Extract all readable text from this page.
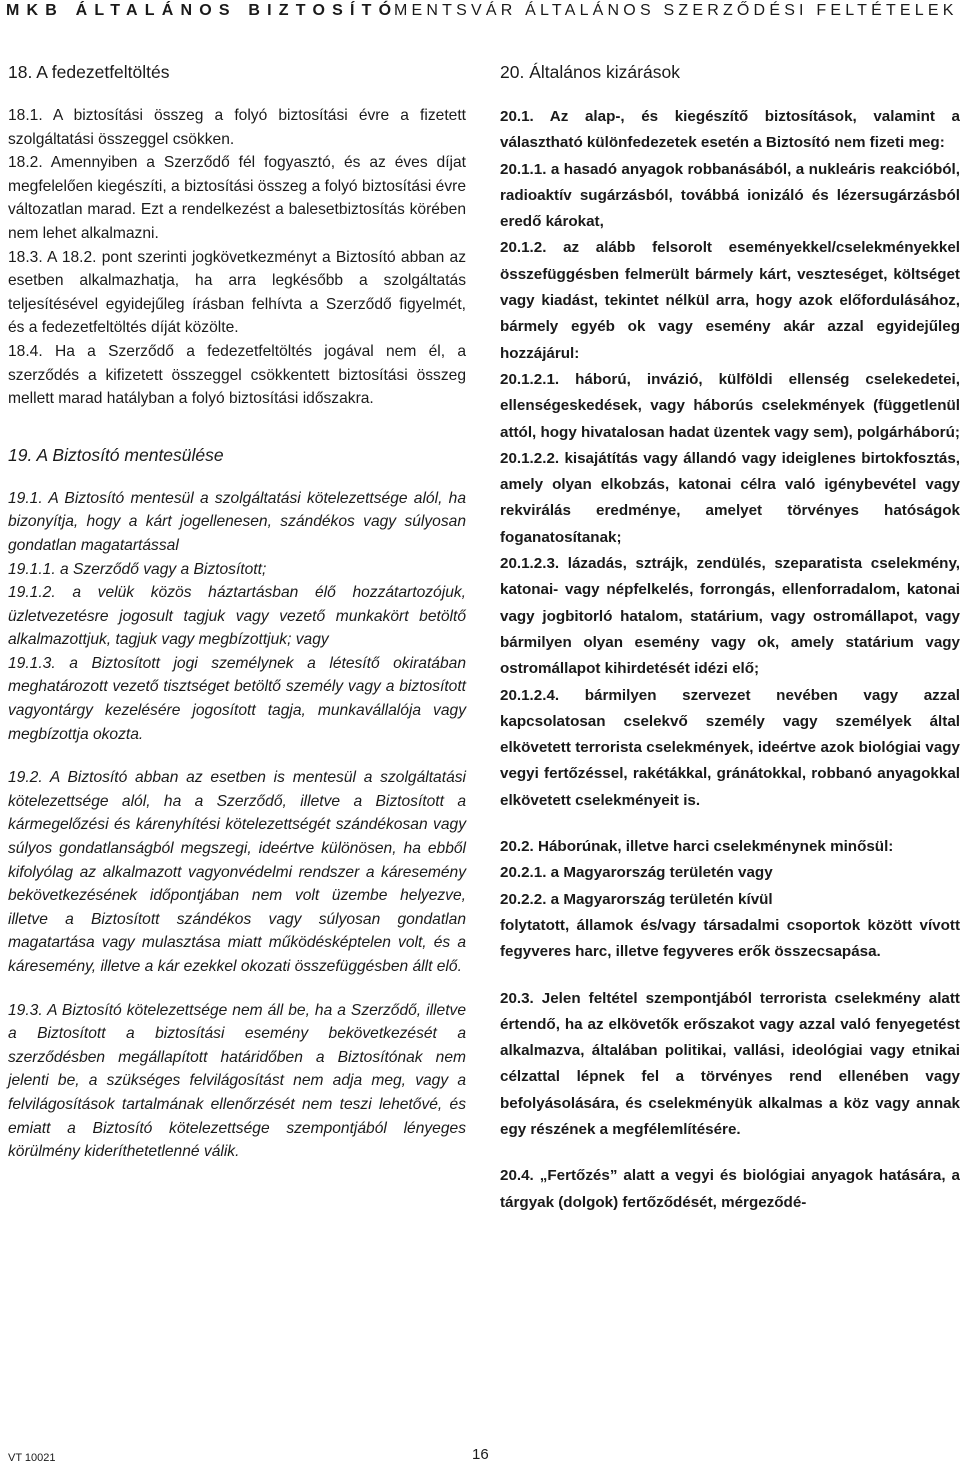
MKB ÁLTALÁNOS BIZTOSÍTÓ
MENTSVÁR ÁLTALÁNOS SZERZŐDÉSI FELTÉTELEK
18. A fedezetfeltöltés

18.1. A biztosítási összeg a folyó biztosítási évre a fizetett szolgáltatási összeggel csökken.

18.2. Amennyiben a Szerződő fél fogyasztó, és az éves díjat megfelelően kiegészíti, a biztosítási összeg a folyó biztosítási évre változatlan marad. Ezt a rendelkezést a balesetbiztosítás körében nem lehet alkalmazni.

18.3. A 18.2. pont szerinti jogkövetkezményt a Biztosító abban az esetben alkalmazhatja, ha arra legkésőbb a szolgáltatás teljesítésével egyidejűleg írásban felhívta a Szerződő figyelmét, és a fedezetfeltöltés díját közölte.

18.4. Ha a Szerződő a fedezetfeltöltés jogával nem él, a szerződés a kifizetett összeggel csökkentett biztosítási összeg mellett marad hatályban a folyó biztosítási időszakra.

19. A Biztosító mentesülése

19.1. A Biztosító mentesül a szolgáltatási kötelezettsége alól, ha bizonyítja, hogy a kárt jogellenesen, szándékos vagy súlyosan gondatlan magatartással

19.1.1. a Szerződő vagy a Biztosított;

19.1.2. a velük közös háztartásban élő hozzátartozójuk, üzletvezetésre jogosult tagjuk vagy vezető munkakört betöltő alkalmazottjuk, tagjuk vagy megbízottjuk; vagy

19.1.3. a Biztosított jogi személynek a létesítő okiratában meghatározott vezető tisztséget betöltő személy vagy a biztosított vagyontárgy kezelésére jogosított tagja, munkavállalója vagy megbízottja okozta.

19.2. A Biztosító abban az esetben is mentesül a szolgáltatási kötelezettsége alól, ha a Szerződő, illetve a Biztosított a kármegelőzési és kárenyhítési kötelezettségét szándékosan vagy súlyos gondatlanságból megszegi, ideértve különösen, ha ebből kifolyólag az alkalmazott vagyonvédelmi rendszer a káresemény bekövetkezésének időpontjában nem volt üzembe helyezve, illetve a Biztosított szándékos vagy súlyosan gondatlan magatartása vagy mulasztása miatt működésképtelen volt, és a káresemény, illetve a kár ezekkel okozati összefüggésben állt elő.

19.3. A Biztosító kötelezettsége nem áll be, ha a Szerződő, illetve a Biztosított a biztosítási esemény bekövetkezését a szerződésben megállapított határidőben a Biztosítónak nem jelenti be, a szükséges felvilágosítást nem adja meg, vagy a felvilágosítások tartalmának ellenőrzését nem teszi lehetővé, és emiatt a Biztosító kötelezettsége szempontjából lényeges körülmény kideríthetetlenné válik.

20. Általános kizárások

20.1. Az alap-, és kiegészítő biztosítások, valamint a választható különfedezetek esetén a Biztosító nem fizeti meg:

20.1.1. a hasadó anyagok robbanásából, a nukleáris reakcióból, radioaktív sugárzásból, továbbá ionizáló és lézersugárzásból eredő károkat,

20.1.2. az alább felsorolt eseményekkel/cselekményekkel összefüggésben felmerült bármely kárt, veszteséget, költséget vagy kiadást, tekintet nélkül arra, hogy azok előfordulásához, bármely egyéb ok vagy esemény akár azzal egyidejűleg hozzájárul:

20.1.2.1. háború, invázió, külföldi ellenség cselekedetei, ellenségeskedések, vagy háborús cselekmények (függetlenül attól, hogy hivatalosan hadat üzentek vagy sem), polgárháború;

20.1.2.2. kisajátítás vagy állandó vagy ideiglenes birtokfosztás, amely olyan elkobzás, katonai célra való igénybevétel vagy rekvirálás eredménye, amelyet törvényes hatóságok foganatosítanak;

20.1.2.3. lázadás, sztrájk, zendülés, szeparatista cselekmény, katonai- vagy népfelkelés, forrongás, ellenforradalom, katonai vagy jogbitorló hatalom, statárium, vagy ostromállapot, vagy bármilyen olyan esemény vagy ok, amely statárium vagy ostromállapot kihirdetését idézi elő;

20.1.2.4. bármilyen szervezet nevében vagy azzal kapcsolatosan cselekvő személy vagy személyek által elkövetett terrorista cselekmények, ideértve azok biológiai vagy vegyi fertőzéssel, rakétákkal, gránátokkal, robbanó anyagokkal elkövetett cselekményeit is.

20.2. Háborúnak, illetve harci cselekménynek minősül:

20.2.1. a Magyarország területén vagy

20.2.2. a Magyarország területén kívül

folytatott, államok és/vagy társadalmi csoportok között vívott fegyveres harc, illetve fegyveres erők összecsapása.

20.3. Jelen feltétel szempontjából terrorista cselekmény alatt értendő, ha az elkövetők erőszakot vagy azzal való fenyegetést alkalmazva, általában politikai, vallási, ideológiai vagy etnikai célzattal lépnek fel a törvényes rend ellenében vagy befolyásolására, és cselekményük alkalmas a köz vagy annak egy részének a megfélemlítésére.

20.4. „Fertőzés” alatt a vegyi és biológiai anyagok hatására, a tárgyak (dolgok) fertőződését, mérgeződé-

VT 10021	16
